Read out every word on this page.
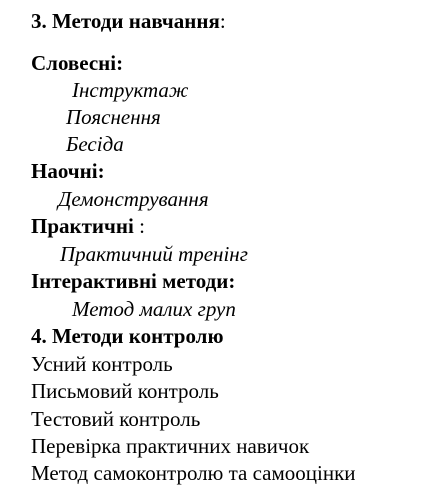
3. Методи навчання:
Словесні:
Інструктаж
Пояснення
Бесіда
Наочні:
Демонстрування
Практичні :
Практичний тренінг
Інтерактивні методи:
Метод малих груп
4. Методи контролю
Усний контроль
Письмовий контроль
Тестовий контроль
Перевірка практичних навичок
Метод самоконтролю та самооцінки
